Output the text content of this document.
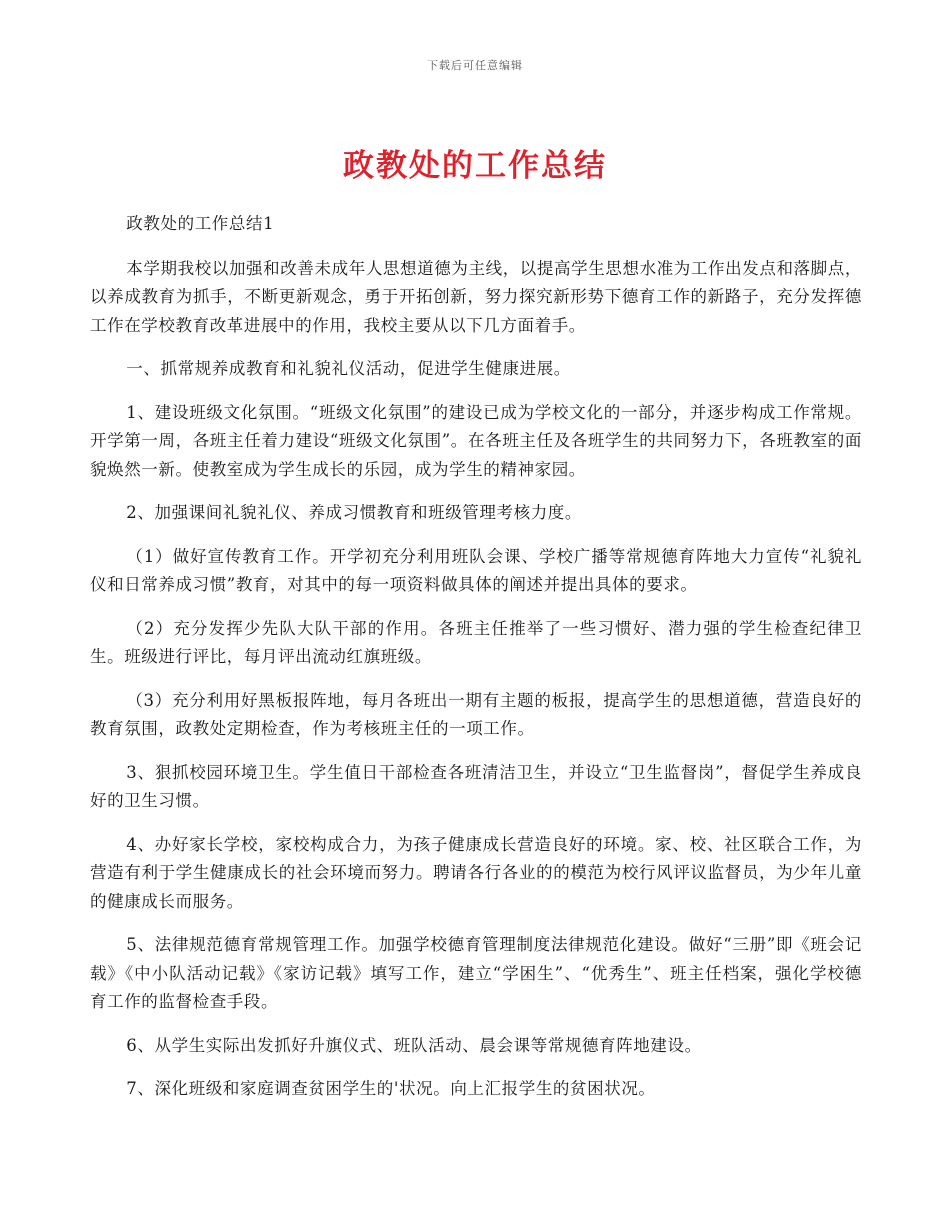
下载后可任意编辑
政教处的工作总结

政教处的工作总结1

本学期我校以加强和改善未成年人思想道德为主线，以提高学生思想水准为工作出发点和落脚点，以养成教育为抓手，不断更新观念，勇于开拓创新，努力探究新形势下德育工作的新路子，充分发挥德工作在学校教育改革进展中的作用，我校主要从以下几方面着手。

一、抓常规养成教育和礼貌礼仪活动，促进学生健康进展。

1、建设班级文化氛围。“班级文化氛围”的建设已成为学校文化的一部分，并逐步构成工作常规。开学第一周，各班主任着力建设“班级文化氛围”。在各班主任及各班学生的共同努力下，各班教室的面貌焕然一新。使教室成为学生成长的乐园，成为学生的精神家园。

2、加强课间礼貌礼仪、养成习惯教育和班级管理考核力度。

（1）做好宣传教育工作。开学初充分利用班队会课、学校广播等常规德育阵地大力宣传“礼貌礼仪和日常养成习惯”教育，对其中的每一项资料做具体的阐述并提出具体的要求。

（2）充分发挥少先队大队干部的作用。各班主任推举了一些习惯好、潜力强的学生检查纪律卫生。班级进行评比，每月评出流动红旗班级。

（3）充分利用好黑板报阵地，每月各班出一期有主题的板报，提高学生的思想道德，营造良好的教育氛围，政教处定期检查，作为考核班主任的一项工作。

3、狠抓校园环境卫生。学生值日干部检查各班清洁卫生，并设立“卫生监督岗”，督促学生养成良好的卫生习惯。

4、办好家长学校，家校构成合力，为孩子健康成长营造良好的环境。家、校、社区联合工作，为营造有利于学生健康成长的社会环境而努力。聘请各行各业的的模范为校行风评议监督员，为少年儿童的健康成长而服务。

5、法律规范德育常规管理工作。加强学校德育管理制度法律规范化建设。做好“三册”即《班会记载》《中小队活动记载》《家访记载》填写工作，建立“学困生”、“优秀生”、班主任档案，强化学校德育工作的监督检查手段。

6、从学生实际出发抓好升旗仪式、班队活动、晨会课等常规德育阵地建设。

7、深化班级和家庭调查贫困学生的'状况。向上汇报学生的贫困状况。
